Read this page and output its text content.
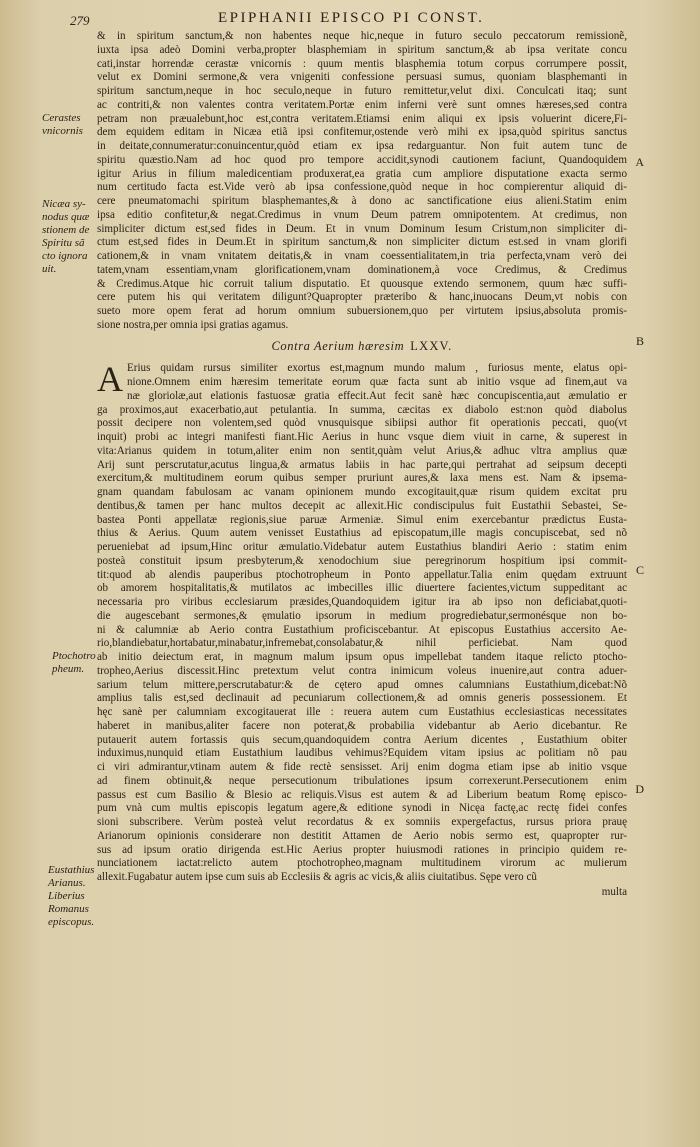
279	EPIPHANII EPISCO PI CONST.
Cerastes
vnicornis
Nicæa sy-
nodus quæ
stionem de
Spiritu sã
cto ignora
uit.
Ptochotro
pheum.
Eustathius
Arianus.
Liberius
Romanus
episcopus.
A
B
C
D

& in spiritum sanctum,& non habentes neque hic,neque in futuro seculo peccatorum remissionẽ,

iuxta ipsa adeò Domini verba,propter blasphemiam in spiritum sanctum,& ab ipsa veritate concu

cati,instar horrendæ cerastæ vnicornis : quum mentis blasphemia totum corpus corrumpere possit,

velut ex Domini sermone,& vera vnigeniti confessione persuasi sumus, quoniam blasphemanti in

spiritum sanctum,neque in hoc seculo,neque in futuro remittetur,velut dixi. Conculcati itaq; sunt

ac contriti,& non valentes contra veritatem.Portæ enim inferni verè sunt omnes hæreses,sed contra

petram non præualebunt,hoc est,contra veritatem.Etiamsi enim aliqui ex ipsis voluerint dicere,Fi-

dem equidem editam in Nicæa etiã ipsi confitemur,ostende verò mihi ex ipsa,quòd spiritus sanctus

in deitate,connumeratur:conuincentur,quòd etiam ex ipsa redarguantur. Non fuit autem tunc de

spiritu quæstio.Nam ad hoc quod pro tempore accidit,synodi cautionem faciunt, Quandoquidem

igitur Arius in filium maledicentiam produxerat,ea gratia cum ampliore disputatione exacta sermo

num certitudo facta est.Vide verò ab ipsa confessione,quòd neque in hoc compierentur aliquid di-

cere pneumatomachi spiritum blasphemantes,& à dono ac sanctificatione eius alieni.Statim enim

ipsa editio confitetur,& negat.Credimus in vnum Deum patrem omnipotentem. At credimus, non

simpliciter dictum est,sed fides in Deum. Et in vnum Dominum Iesum Cristum,non simpliciter di-

ctum est,sed fides in Deum.Et in spiritum sanctum,& non simpliciter dictum est.sed in vnam glorifi

cationem,& in vnam vnitatem deitatis,& in vnam coessentialitatem,in tria perfecta,vnam verò dei

tatem,vnam essentiam,vnam glorificationem,vnam dominationem,à voce Credimus, & Credimus

& Credimus.Atque hic corruit talium disputatio. Et quousque extendo sermonem, quum hæc suffi-

cere putem his qui veritatem diligunt?Quapropter præteribo & hanc,inuocans Deum,vt nobis con

sueto more opem ferat ad horum omnium subuersionem,quo per virtutem ipsius,absoluta promis-

sione nostra,per omnia ipsi gratias agamus.

Contra Aerium hæresim LXXV.
A Erius quidam rursus similiter exortus est,magnum mundo malum , furiosus mente, elatus opi-

nione.Omnem enim hæresim temeritate eorum quæ facta sunt ab initio vsque ad finem,aut va

næ gloriolæ,aut elationis fastuosæ gratia effecit.Aut fecit sanè hæc concupiscentia,aut æmulatio er

ga proximos,aut exacerbatio,aut petulantia. In summa, cæcitas ex diabolo est:non quòd diabolus

possit decipere non volentem,sed quòd vnusquisque sibiipsi author fit operationis peccati, quo(vt

inquit) probi ac integri manifesti fiant.Hic Aerius in hunc vsque diem viuit in carne, & superest in

vita:Arianus quidem in totum,aliter enim non sentit,quàm velut Arius,& adhuc vltra amplius quæ

Arij sunt perscrutatur,acutus lingua,& armatus labiis in hac parte,qui pertrahat ad seipsum decepti

exercitum,& multitudinem eorum quibus semper pruriunt aures,& laxa mens est. Nam & ipsema-

gnam quandam fabulosam ac vanam opinionem mundo excogitauit,quæ risum quidem excitat pru

dentibus,& tamen per hanc multos decepit ac allexit.Hic condiscipulus fuit Eustathii Sebastei, Se-

bastea Ponti appellatæ regionis,siue paruæ Armeniæ. Simul enim exercebantur prædictus Eusta-

thius & Aerius. Quum autem venisset Eustathius ad episcopatum,ille magis concupiscebat, sed nõ

perueniebat ad ipsum,Hinc oritur æmulatio.Videbatur autem Eustathius blandiri Aerio : statim enim

posteà constituit ipsum presbyterum,& xenodochium siue peregrinorum hospitium ipsi commit-

tit:quod ab alendis pauperibus ptochotropheum in Ponto appellatur.Talia enim quędam extruunt

ob amorem hospitalitatis,& mutilatos ac imbecilles illic diuertere facientes,victum suppeditant ac

necessaria pro viribus ecclesiarum præsides,Quandoquidem igitur ira ab ipso non deficiabat,quoti-

die augescebant sermones,& ęmulatio ipsorum in medium progrediebatur,sermonésque non bo-

ni & calumniæ ab Aerio contra Eustathium proficiscebantur. At episcopus Eustathius accersito Ae-

rio,blandiebatur,hortabatur,minabatur,infremebat,consolabatur,& nihil perficiebat. Nam quod

ab initio deiectum erat, in magnum malum ipsum opus impellebat tandem itaque relicto ptocho-

tropheo,Aerius discessit.Hinc pretextum velut contra inimicum voleus inuenire,aut contra aduer-

sarium telum mittere,perscrutabatur:& de cętero apud omnes calumnians Eustathium,dicebat:Nõ

amplius talis est,sed declinauit ad pecuniarum collectionem,& ad omnis generis possessionem. Et

hęc sanè per calumniam excogitauerat ille : reuera autem cum Eustathius ecclesiasticas necessitates

haberet in manibus,aliter facere non poterat,& probabilia videbantur ab Aerio dicebantur. Re

putauerit autem fortassis quis secum,quandoquidem contra Aerium dicentes , Eustathium obiter

induximus,nunquid etiam Eustathium laudibus vehimus?Equidem vitam ipsius ac politiam nõ pau

ci viri admirantur,vtinam autem & fide rectè sensisset. Arij enim dogma etiam ipse ab initio vsque

ad finem obtinuit,& neque persecutionum tribulationes ipsum correxerunt.Persecutionem enim

passus est cum Basilio & Blesio ac reliquis.Visus est autem & ad Liberium beatum Romę episco-

pum vnà cum multis episcopis legatum agere,& editione synodi in Nicęa factę,ac rectę fidei confes

sioni subscribere. Verùm posteà velut recordatus & ex somniis expergefactus, rursus priora prauę

Arianorum opinionis considerare non destitit Attamen de Aerio nobis sermo est, quapropter rur-

sus ad ipsum oratio dirigenda est.Hic Aerius propter huiusmodi rationes in principio quidem re-

nunciationem iactat:relicto autem ptochotropheo,magnam multitudinem virorum ac mulierum

allexit.Fugabatur autem ipse cum suis ab Ecclesiis & agris ac vicis,& aliis ciuitatibus. Sępe vero cũ

multa
